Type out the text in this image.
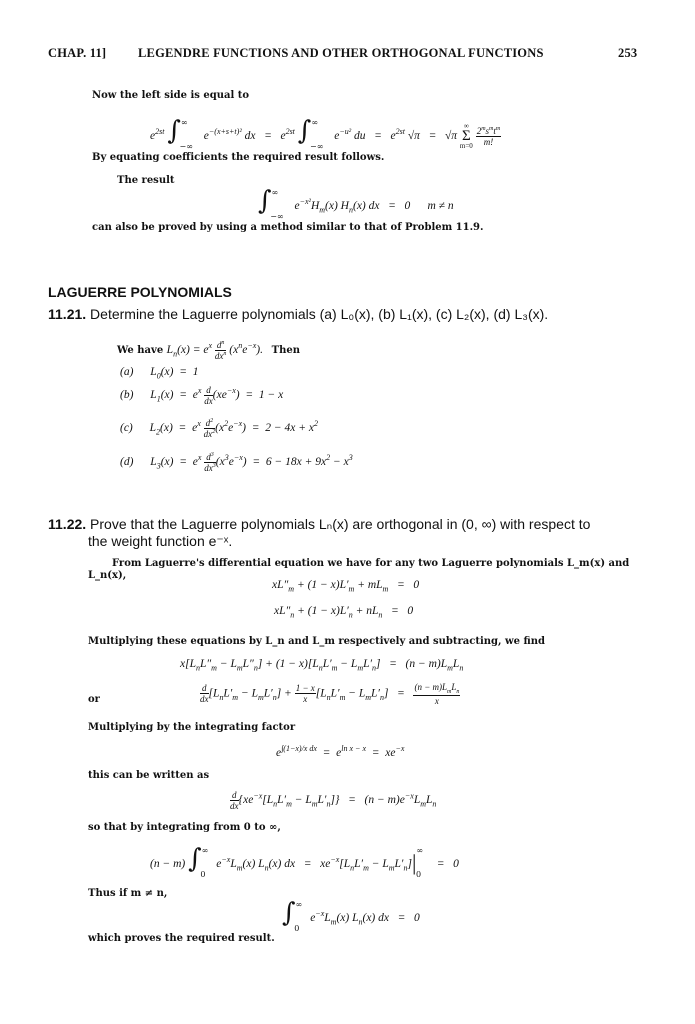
CHAP. 11]	LEGENDRE FUNCTIONS AND OTHER ORTHOGONAL FUNCTIONS	253
Now the left side is equal to
$e^{2st}$ $\int^\infty_{-\infty}$ $e^{-(x+s+t)^2}$ dx   =   $e^{2st}$ $\int^\infty_{-\infty}$ $e^{-u^2}$ du   =   $e^{2st}$ √π   =   √π
∞
Σ
m=0

$2^ms^mt^m$
m!
By equating coefficients the required result follows.
The result
$\int^\infty_{-\infty}$ $e^{-x^2}H_m(x)$ $H_n(x)$ dx   =   0      m ≠ n
can also be proved by using a method similar to that of Problem 11.9.
LAGUERRE POLYNOMIALS
11.21. Determine the Laguerre polynomials (a) L₀(x), (b) L₁(x), (c) L₂(x), (d) L₃(x).
We have $L_n(x) = e^x$ $d^n$
$dx^n$ $(x^ne^{-x})$.   Then
(a) $L_0(x) = 1$
(b) $L_1(x) = e^x \frac{d}{dx} (xe^{-x}) = 1 - x$
(c) $L_2(x) = e^x \frac{d^2}{dx^2} (x^2e^{-x}) = 2 - 4x + x^2$
(d) $L_3(x) = e^x \frac{d^3}{dx^3} (x^3e^{-x}) = 6 - 18x + 9x^2 - x^3$
11.22. Prove that the Laguerre polynomials Lₙ(x) are orthogonal in (0, ∞) with respect to
the weight function e⁻ˣ.
From Laguerre's differential equation we have for any two Laguerre polynomials L_m(x) and
L_n(x),
$xL''_m + (1 - x)L'_m + mL_m = 0$
$xL''_n + (1 - x)L'_n + nL_n = 0$
Multiplying these equations by L_n and L_m respectively and subtracting, we find
$x[L_nL''_m - L_mL''_n] + (1 - x)[L_nL'_m - L_mL'_n] = (n - m)L_mL_n$
or	$\frac{d}{dx} [L_nL'_m - L_mL'_n] + \frac{1 - x}{x} [L_nL'_m - L_mL'_n]$   =
$(n - m)L_mL_n$
x
Multiplying by the integrating factor
$e^{\int(1-x)/x dx} = e^{ln x - x} = xe^{-x}$
this can be written as
$\frac{d}{dx} \{xe^{-x}[L_nL'_m - L_mL'_n]\} = (n - m)e^{-x}L_mL_n$
so that by integrating from 0 to ∞,
(n − m) $\int^\infty_0$ $e^{-x}L_m(x)$ $L_n(x)$ dx   =   $xe^{-x}[L_nL'_m - L_mL'_n]|^\infty_0 = 0$
Thus if m ≠ n,
$\int^\infty_0$ $e^{-x}L_m(x)$ $L_n(x)$ dx   =   0
which proves the required result.
